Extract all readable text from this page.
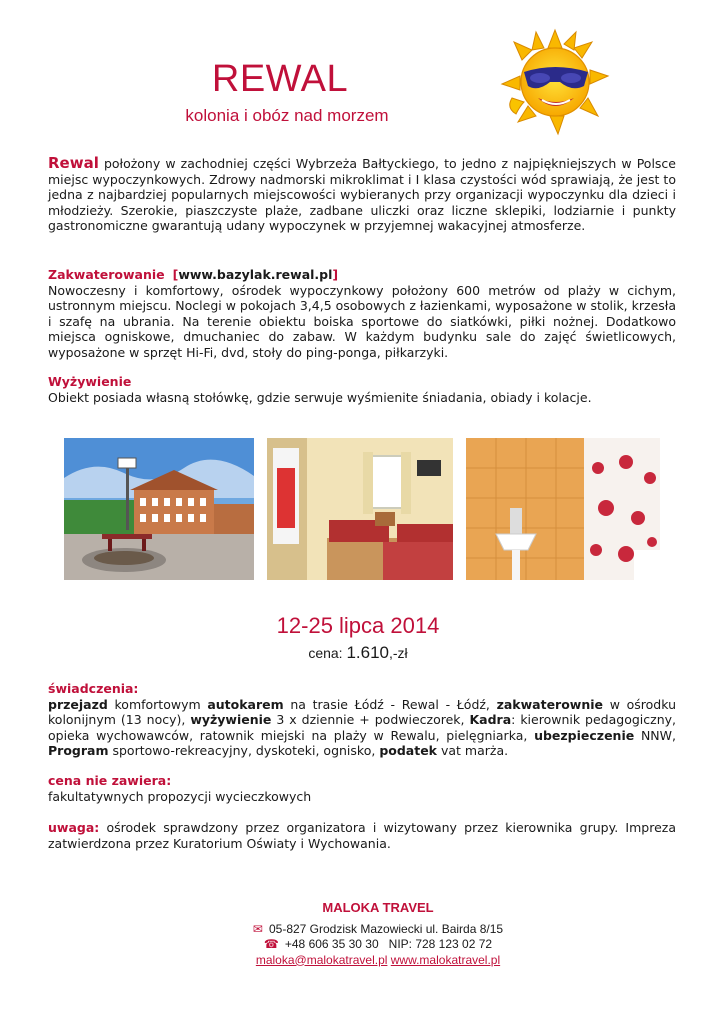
REWAL
kolonia i obóz nad morzem
Rewal położony w zachodniej części Wybrzeża Bałtyckiego, to jedno z najpiękniejszych w Polsce miejsc wypoczynkowych. Zdrowy nadmorski mikroklimat i I klasa czystości wód sprawiają, że jest to jedna z najbardziej popularnych miejscowości wybieranych przy organizacji wypoczynku dla dzieci i młodzieży. Szerokie, piaszczyste plaże, zadbane uliczki oraz liczne sklepiki, lodziarnie i punkty gastronomiczne gwarantują udany wypoczynek w przyjemnej wakacyjnej atmosferze.
Zakwaterowanie [www.bazylak.rewal.pl]
Nowoczesny i komfortowy, ośrodek wypoczynkowy położony 600 metrów od plaży w cichym, ustronnym miejscu. Noclegi w pokojach 3,4,5 osobowych z łazienkami, wyposażone w stolik, krzesła i szafę na ubrania. Na terenie obiektu boiska sportowe do siatkówki, piłki nożnej. Dodatkowo miejsca ogniskowe, dmuchaniec do zabaw. W każdym budynku sale do zajęć świetlicowych, wyposażone w sprzęt Hi-Fi, dvd, stoły do ping-ponga, piłkarzyki.
Wyżywienie
Obiekt posiada własną stołówkę, gdzie serwuje wyśmienite śniadania, obiady i kolacje.
12-25 lipca 2014
cena: 1.610,-zł
świadczenia:
przejazd komfortowym autokarem na trasie Łódź - Rewal - Łódź, zakwaterownie w ośrodku kolonijnym (13 nocy), wyżywienie 3 x dziennie + podwieczorek, Kadra: kierownik pedagogiczny, opieka wychowawców, ratownik miejski na plaży w Rewalu, pielęgniarka, ubezpieczenie NNW, Program sportowo-rekreacyjny, dyskoteki, ognisko, podatek vat marża.
cena nie zawiera:
fakultatywnych propozycji wycieczkowych
uwaga: ośrodek sprawdzony przez organizatora i wizytowany przez kierownika grupy. Impreza zatwierdzona przez Kuratorium Oświaty i Wychowania.
MALOKA TRAVEL
✉ 05-827 Grodzisk Mazowiecki ul. Bairda 8/15
☎ +48 606 35 30 30 NIP: 728 123 02 72
maloka@malokatravel.pl www.malokatravel.pl
